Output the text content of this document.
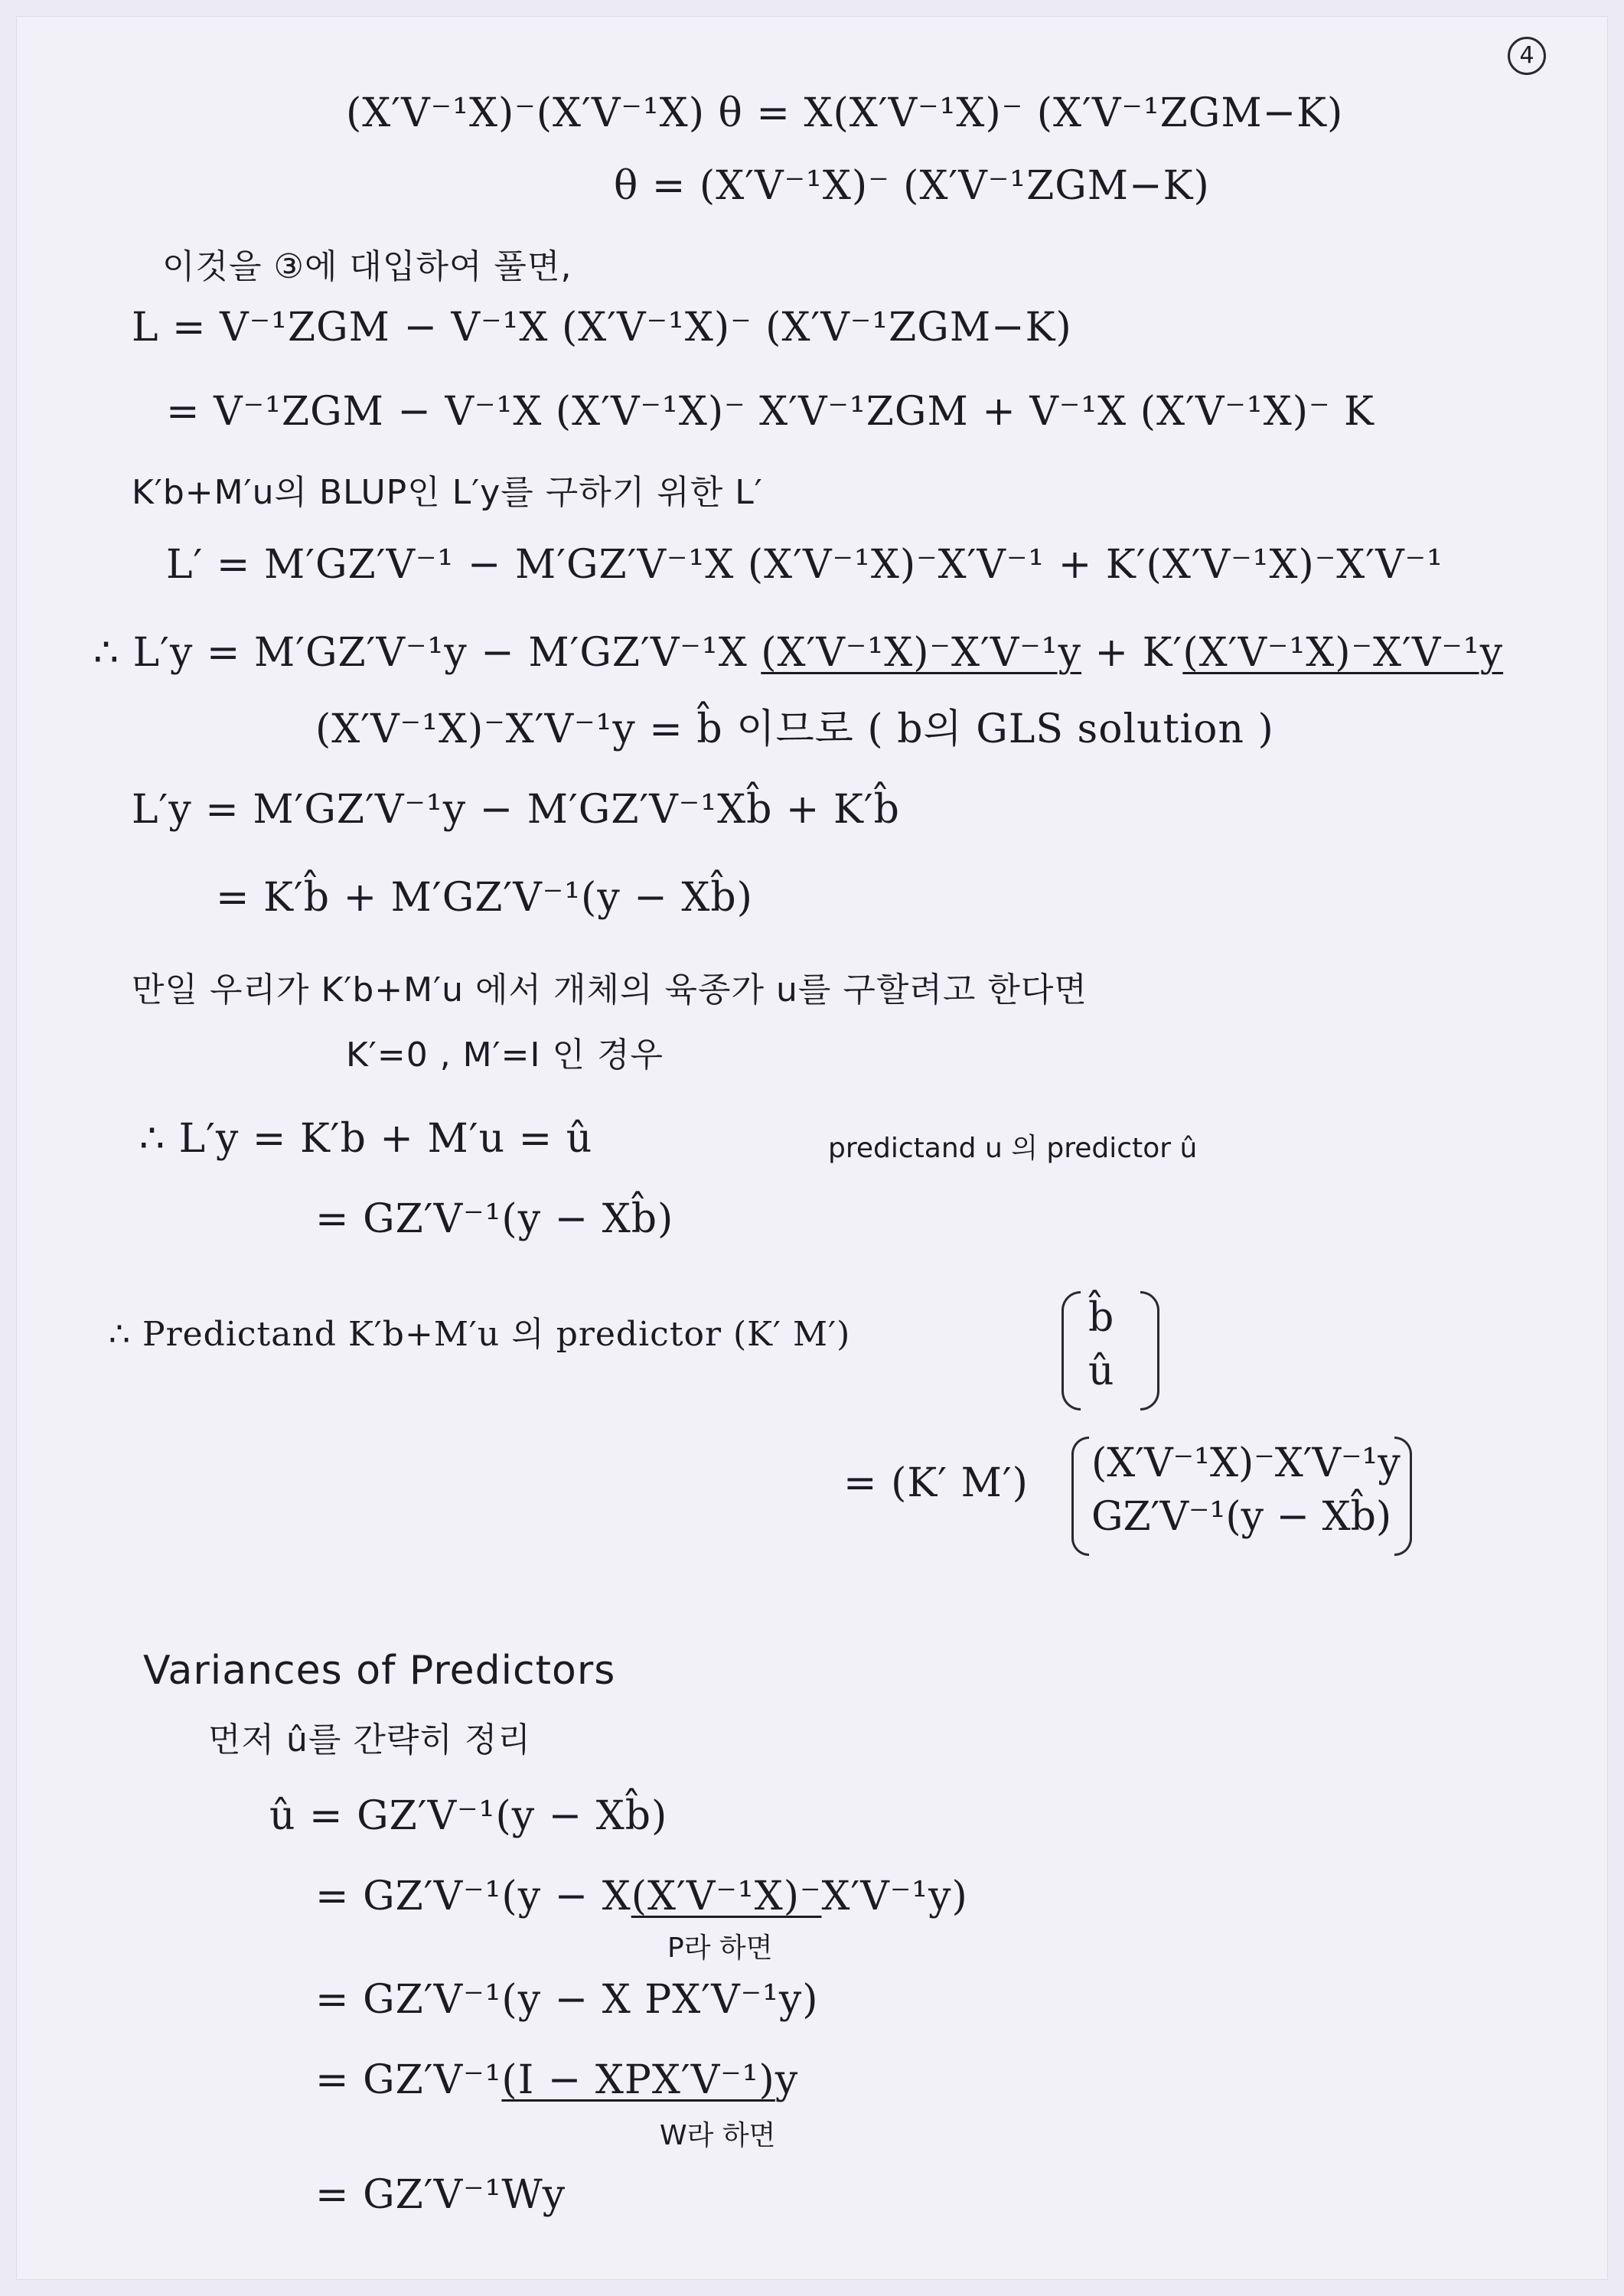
4
(X′V⁻¹X)⁻(X′V⁻¹X) θ = X(X′V⁻¹X)⁻ (X′V⁻¹ZGM−K)
θ = (X′V⁻¹X)⁻ (X′V⁻¹ZGM−K)
이것을 ③에 대입하여 풀면,
L = V⁻¹ZGM − V⁻¹X (X′V⁻¹X)⁻ (X′V⁻¹ZGM−K)
= V⁻¹ZGM − V⁻¹X (X′V⁻¹X)⁻ X′V⁻¹ZGM + V⁻¹X (X′V⁻¹X)⁻ K
K′b+M′u의 BLUP인 L′y를 구하기 위한 L′
L′ = M′GZ′V⁻¹ − M′GZ′V⁻¹X (X′V⁻¹X)⁻X′V⁻¹ + K′(X′V⁻¹X)⁻X′V⁻¹
∴ L′y = M′GZ′V⁻¹y − M′GZ′V⁻¹X (X′V⁻¹X)⁻X′V⁻¹y + K′(X′V⁻¹X)⁻X′V⁻¹y
(X′V⁻¹X)⁻X′V⁻¹y = b̂ 이므로 ( b의 GLS solution )
L′y = M′GZ′V⁻¹y − M′GZ′V⁻¹Xb̂ + K′b̂
= K′b̂ + M′GZ′V⁻¹(y − Xb̂)
만일 우리가 K′b+M′u 에서 개체의 육종가 u를 구할려고 한다면
K′=0 , M′=I 인 경우
∴ L′y = K′b + M′u = û	predictand u 의 predictor û
= GZ′V⁻¹(y − Xb̂)
∴ Predictand K′b+M′u 의 predictor (K′ M′)	b̂
û
= (K′ M′) (X′V⁻¹X)⁻X′V⁻¹y
GZ′V⁻¹(y − Xb̂)
Variances of Predictors
먼저 û를 간략히 정리
û = GZ′V⁻¹(y − Xb̂)
= GZ′V⁻¹(y − X(X′V⁻¹X)⁻X′V⁻¹y)
P라 하면
= GZ′V⁻¹(y − X PX′V⁻¹y)
= GZ′V⁻¹(I − XPX′V⁻¹)y
W라 하면
= GZ′V⁻¹Wy
